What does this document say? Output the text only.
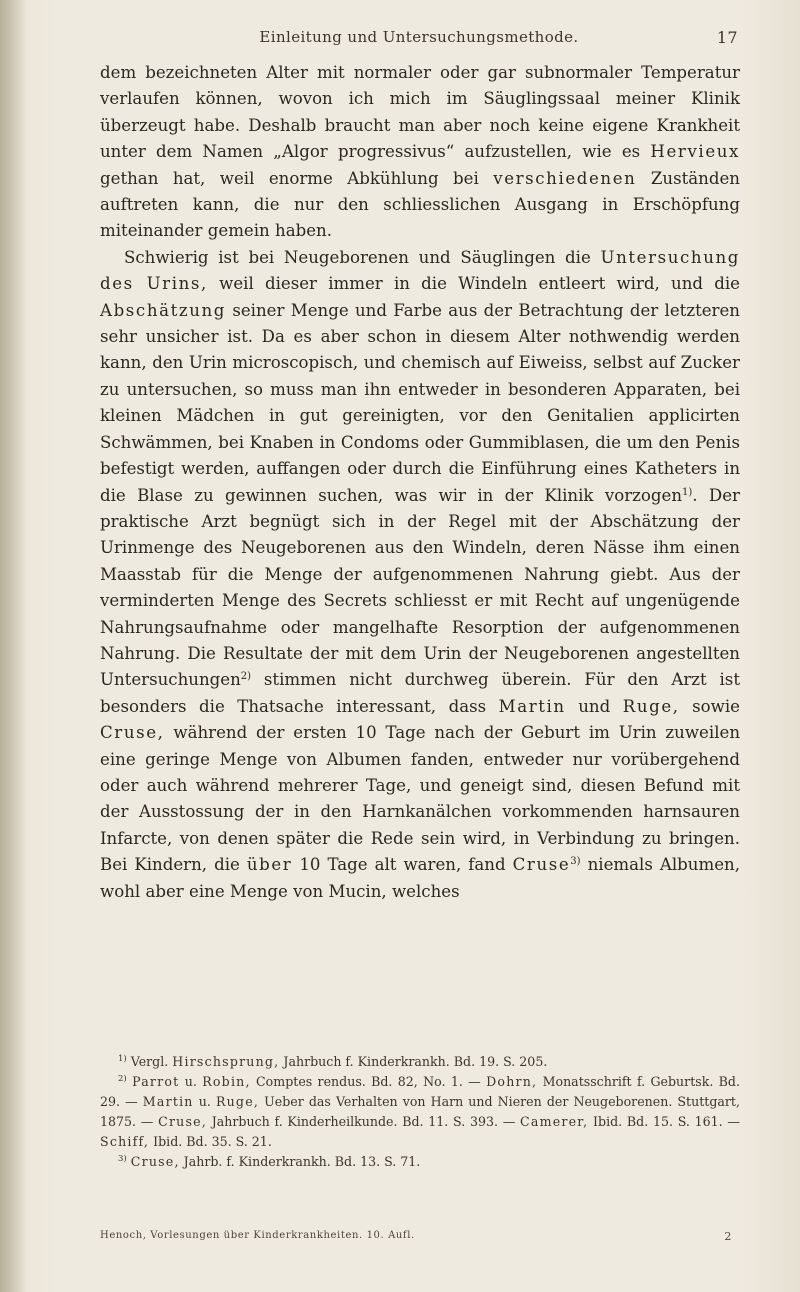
Einleitung und Untersuchungsmethode.	17

dem bezeichneten Alter mit normaler oder gar subnormaler Temperatur verlaufen können, wovon ich mich im Säuglingssaal meiner Klinik überzeugt habe. Deshalb braucht man aber noch keine eigene Krankheit unter dem Namen „Algor progressivus“ aufzustellen, wie es Hervieux gethan hat, weil enorme Abkühlung bei verschiedenen Zuständen auftreten kann, die nur den schliesslichen Ausgang in Erschöpfung miteinander gemein haben.

Schwierig ist bei Neugeborenen und Säuglingen die Untersuchung des Urins, weil dieser immer in die Windeln entleert wird, und die Abschätzung seiner Menge und Farbe aus der Betrachtung der letzteren sehr unsicher ist. Da es aber schon in diesem Alter nothwendig werden kann, den Urin microscopisch, und chemisch auf Eiweiss, selbst auf Zucker zu untersuchen, so muss man ihn entweder in besonderen Apparaten, bei kleinen Mädchen in gut gereinigten, vor den Genitalien applicirten Schwämmen, bei Knaben in Condoms oder Gummiblasen, die um den Penis befestigt werden, auffangen oder durch die Einführung eines Katheters in die Blase zu gewinnen suchen, was wir in der Klinik vorzogen$^{1)}$. Der praktische Arzt begnügt sich in der Regel mit der Abschätzung der Urinmenge des Neugeborenen aus den Windeln, deren Nässe ihm einen Maasstab für die Menge der aufgenommenen Nahrung giebt. Aus der verminderten Menge des Secrets schliesst er mit Recht auf ungenügende Nahrungsaufnahme oder mangelhafte Resorption der aufgenommenen Nahrung. Die Resultate der mit dem Urin der Neugeborenen angestellten Untersuchungen$^{2)}$ stimmen nicht durchweg überein. Für den Arzt ist besonders die Thatsache interessant, dass Martin und Ruge, sowie Cruse, während der ersten 10 Tage nach der Geburt im Urin zuweilen eine geringe Menge von Albumen fanden, entweder nur vorübergehend oder auch während mehrerer Tage, und geneigt sind, diesen Befund mit der Ausstossung der in den Harnkanälchen vorkommenden harnsauren Infarcte, von denen später die Rede sein wird, in Verbindung zu bringen. Bei Kindern, die über 10 Tage alt waren, fand Cruse$^{3)}$ niemals Albumen, wohl aber eine Menge von Mucin, welches

$^{1)}$ Vergl. Hirschsprung, Jahrbuch f. Kinderkrankh. Bd. 19. S. 205.

$^{2)}$ Parrot u. Robin, Comptes rendus. Bd. 82, No. 1. — Dohrn, Monatsschrift f. Geburtsk. Bd. 29. — Martin u. Ruge, Ueber das Verhalten von Harn und Nieren der Neugeborenen. Stuttgart, 1875. — Cruse, Jahrbuch f. Kinderheilkunde. Bd. 11. S. 393. — Camerer, Ibid. Bd. 15. S. 161. — Schiff, Ibid. Bd. 35. S. 21.

$^{3)}$ Cruse, Jahrb. f. Kinderkrankh. Bd. 13. S. 71.

Henoch, Vorlesungen über Kinderkrankheiten. 10. Aufl.	2
